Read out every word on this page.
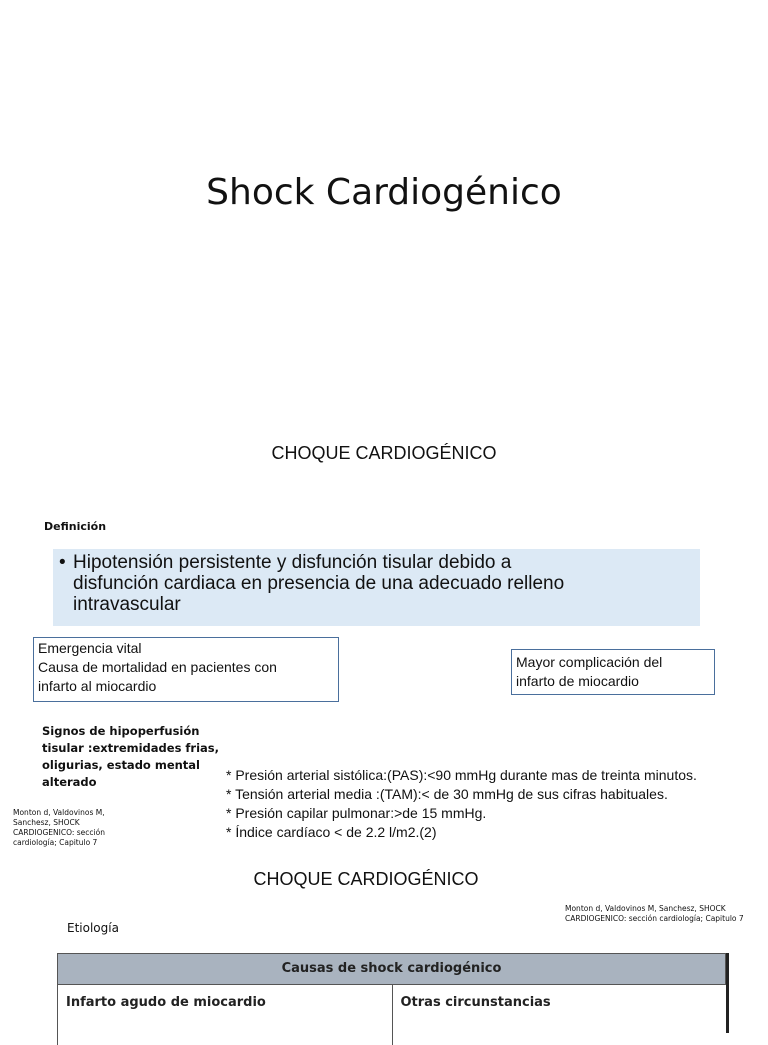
Shock Cardiogénico
CHOQUE CARDIOGÉNICO
Definición
• Hipotensión persistente y disfunción tisular debido a
disfunción cardiaca en presencia de una adecuado relleno
intravascular
Emergencia vital
Causa de mortalidad en pacientes con
infarto al miocardio
Mayor complicación del
infarto de miocardio
Signos de hipoperfusión
tisular :extremidades frias,
oligurias, estado mental
alterado	* Presión arterial sistólica:(PAS):<90 mmHg durante mas de treinta minutos.
* Tensión arterial media :(TAM):< de 30 mmHg de sus cifras habituales.
* Presión capilar pulmonar:>de 15 mmHg.
* Índice cardíaco < de 2.2 l/m2.(2)
Monton d, Valdovinos M,
Sanchesz, SHOCK
CARDIOGENICO: sección
cardiología; Capitulo 7
CHOQUE CARDIOGÉNICO
Monton d, Valdovinos M, Sanchesz, SHOCK
CARDIOGENICO: sección cardiología; Capitulo 7
Etiología
Causas de shock cardiogénico
Infarto agudo de miocardio	Otras circunstancias
